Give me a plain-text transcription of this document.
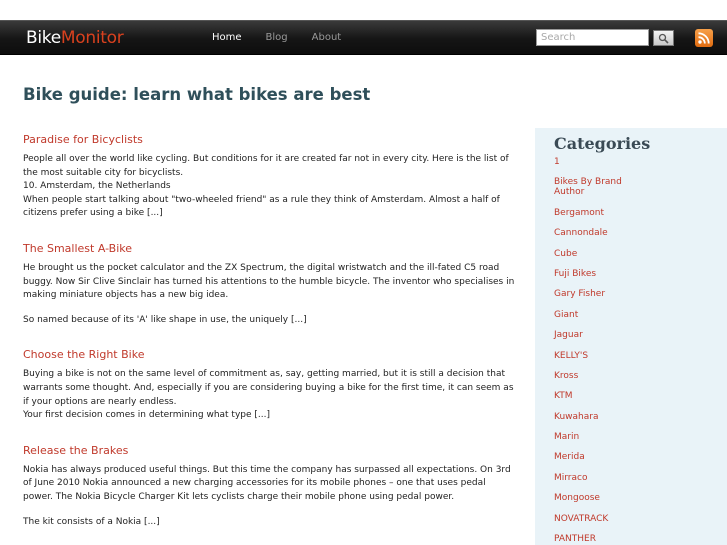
BikeMonitor	Home Blog About
Search
Bike guide: learn what bikes are best
Paradise for Bicyclists

People all over the world like cycling. But conditions for it are created far not in every city. Here is the list of the most suitable city for bicyclists.
10. Amsterdam, the Netherlands
When people start talking about "two-wheeled friend" as a rule they think of Amsterdam. Almost a half of citizens prefer using a bike [...]

The Smallest A-Bike

He brought us the pocket calculator and the ZX Spectrum, the digital wristwatch and the ill-fated C5 road buggy. Now Sir Clive Sinclair has turned his attentions to the humble bicycle. The inventor who specialises in making miniature objects has a new big idea.

So named because of its 'A' like shape in use, the uniquely [...]

Choose the Right Bike

Buying a bike is not on the same level of commitment as, say, getting married, but it is still a decision that warrants some thought. And, especially if you are considering buying a bike for the first time, it can seem as if your options are nearly endless.
Your first decision comes in determining what type [...]

Release the Brakes

Nokia has always produced useful things. But this time the company has surpassed all expectations. On 3rd of June 2010 Nokia announced a new charging accessories for its mobile phones – one that uses pedal power. The Nokia Bicycle Charger Kit lets cyclists charge their mobile phone using pedal power.

The kit consists of a Nokia [...]

Categories
1
Bikes By Brand Author
Bergamont
Cannondale
Cube
Fuji Bikes
Gary Fisher
Giant
Jaguar
KELLY'S
Kross
KTM
Kuwahara
Marin
Merida
Mirraco
Mongoose
NOVATRACK
PANTHER
